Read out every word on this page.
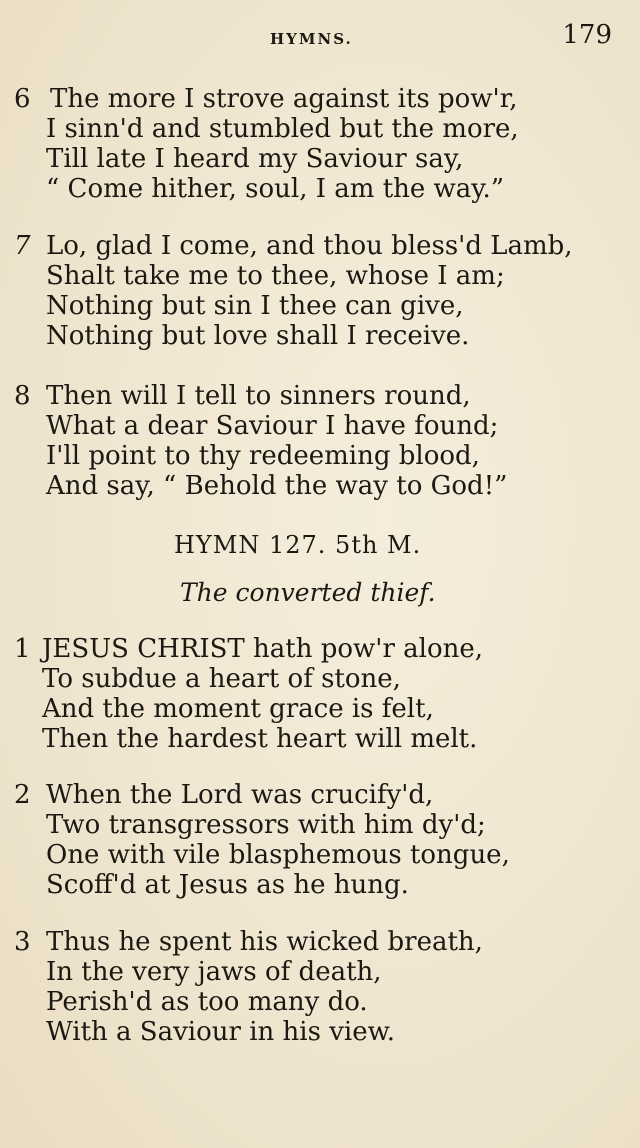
HYMNS.	179
6 The more I strove against its pow'r,
I sinn'd and stumbled but the more,
Till late I heard my Saviour say,
“ Come hither, soul, I am the way.”
7 Lo, glad I come, and thou bless'd Lamb,
Shalt take me to thee, whose I am;
Nothing but sin I thee can give,
Nothing but love shall I receive.
8 Then will I tell to sinners round,
What a dear Saviour I have found;
I'll point to thy redeeming blood,
And say, “ Behold the way to God!”
HYMN 127. 5th M.
The converted thief.
1 JESUS CHRIST hath pow'r alone,
To subdue a heart of stone,
And the moment grace is felt,
Then the hardest heart will melt.
2 When the Lord was crucify'd,
Two transgressors with him dy'd;
One with vile blasphemous tongue,
Scoff'd at Jesus as he hung.
3 Thus he spent his wicked breath,
In the very jaws of death,
Perish'd as too many do.
With a Saviour in his view.
